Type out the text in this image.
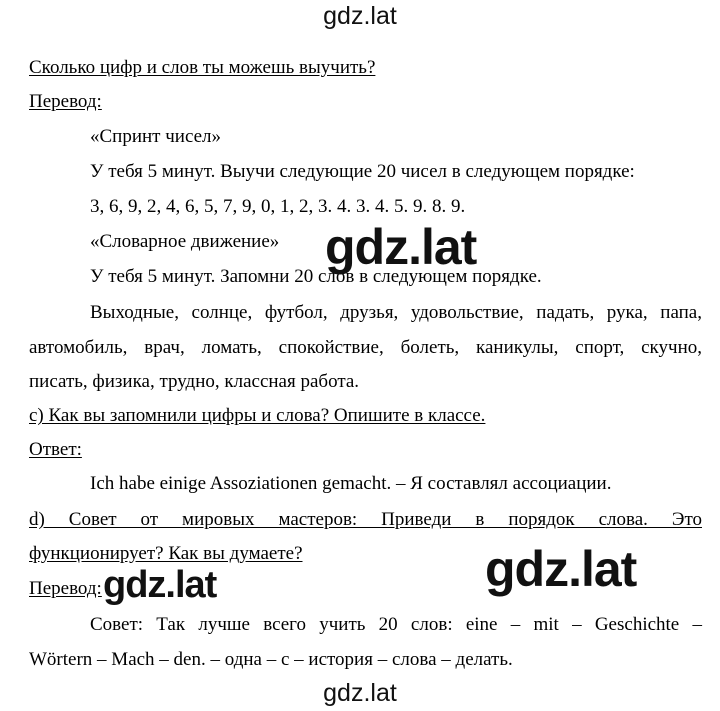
gdz.lat
Сколько цифр и слов ты можешь выучить?
Перевод:
«Спринт чисел»
У тебя 5 минут. Выучи следующие 20 чисел в следующем порядке:
3, 6, 9, 2, 4, 6, 5, 7, 9, 0, 1, 2, 3. 4. 3. 4. 5. 9. 8. 9.
«Словарное движение»
У тебя 5 минут. Запомни 20 слов в следующем порядке.
Выходные, солнце, футбол, друзья, удовольствие, падать, рука, папа,
автомобиль, врач, ломать, спокойствие, болеть, каникулы, спорт, скучно,
писать, физика, трудно, классная работа.
c) Как вы запомнили цифры и слова? Опишите в классе.
Ответ:
Ich habe einige Assoziationen gemacht. – Я составлял ассоциации.
d) Совет от мировых мастеров: Приведи в порядок слова. Это
функционирует? Как вы думаете?
Перевод:
Совет: Так лучше всего учить 20 слов: eine – mit – Geschichte –
Wörtern – Mach – den. – одна – с – история – слова – делать.
gdz.lat
gdz.lat
gdz.lat
gdz.lat
